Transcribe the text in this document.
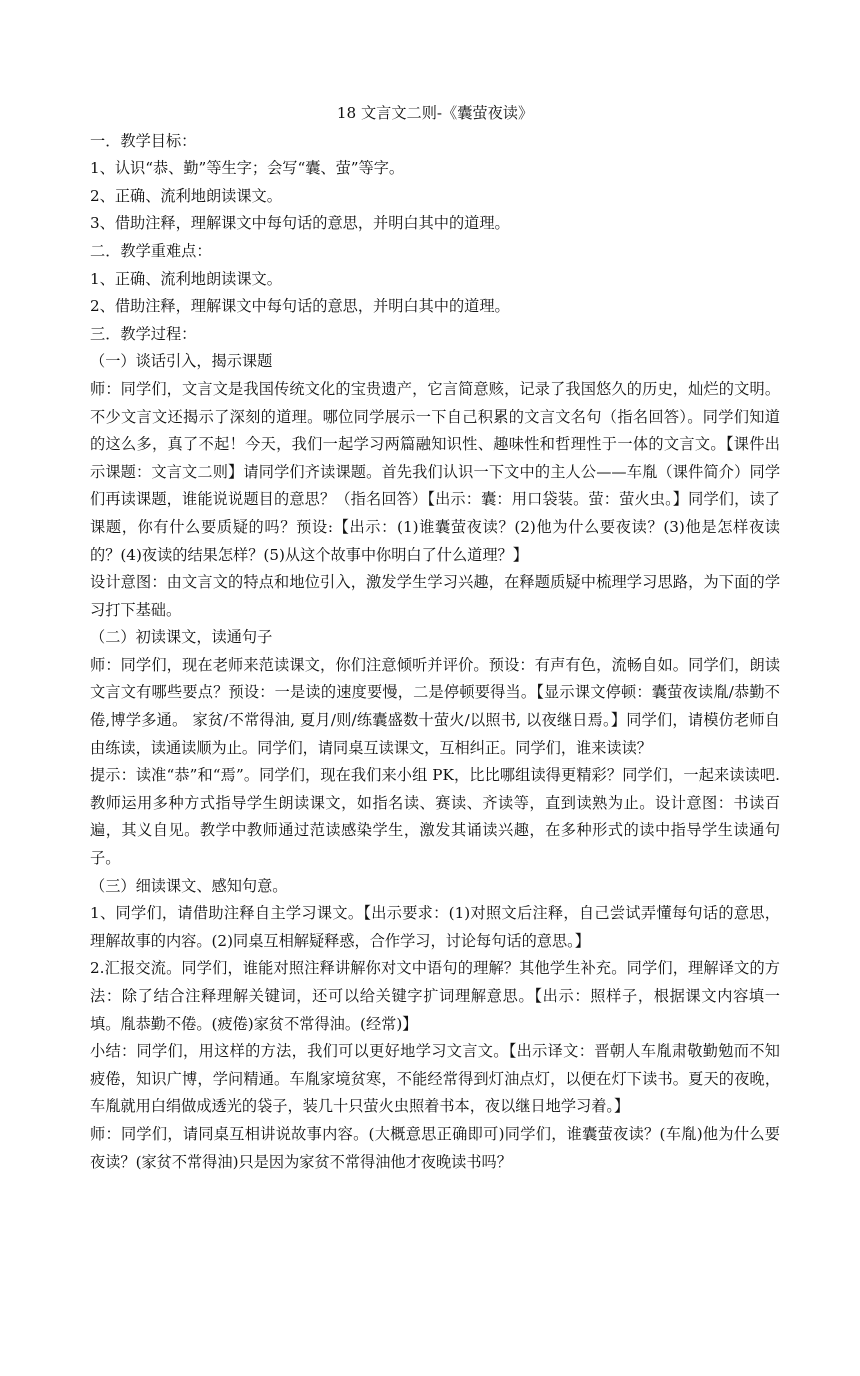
18 文言文二则-《囊萤夜读》

一．教学目标：

1、认识“恭、勤”等生字；会写“囊、萤”等字。

2、正确、流利地朗读课文。

3、借助注释，理解课文中每句话的意思，并明白其中的道理。

二．教学重难点：

1、正确、流利地朗读课文。

2、借助注释，理解课文中每句话的意思，并明白其中的道理。

三．教学过程：

（一）谈话引入，揭示课题

师：同学们，文言文是我国传统文化的宝贵遗产，它言简意赅，记录了我国悠久的历史，灿烂的文明。不少文言文还揭示了深刻的道理。哪位同学展示一下自己积累的文言文名句（指名回答）。同学们知道的这么多，真了不起！今天，我们一起学习两篇融知识性、趣味性和哲理性于一体的文言文。【课件出示课题：文言文二则】请同学们齐读课题。首先我们认识一下文中的主人公——车胤（课件简介）同学们再读课题，谁能说说题目的意思？（指名回答）【出示：囊：用口袋装。萤：萤火虫。】同学们，读了课题，你有什么要质疑的吗？预设:【出示：(1)谁囊萤夜读？(2)他为什么要夜读？(3)他是怎样夜读的？(4)夜读的结果怎样？(5)从这个故事中你明白了什么道理？】

设计意图：由文言文的特点和地位引入，激发学生学习兴趣，在释题质疑中梳理学习思路，为下面的学习打下基础。

（二）初读课文，读通句子

师：同学们，现在老师来范读课文，你们注意倾听并评价。预设：有声有色，流畅自如。同学们，朗读文言文有哪些要点？预设：一是读的速度要慢，二是停顿要得当。【显示课文停顿：囊萤夜读胤/恭勤不倦,博学多通。 家贫/不常得油, 夏月/则/练囊盛数十萤火/以照书, 以夜继日焉。】同学们，请模仿老师自由练读，读通读顺为止。同学们，请同桌互读课文，互相纠正。同学们，谁来读读？

提示：读准“恭”和“焉”。同学们，现在我们来小组 PK，比比哪组读得更精彩？同学们，一起来读读吧.教师运用多种方式指导学生朗读课文，如指名读、赛读、齐读等，直到读熟为止。设计意图：书读百遍，其义自见。教学中教师通过范读感染学生，激发其诵读兴趣，在多种形式的读中指导学生读通句子。

（三）细读课文、感知句意。

1、同学们，请借助注释自主学习课文。【出示要求：(1)对照文后注释，自己尝试弄懂每句话的意思，理解故事的内容。(2)同桌互相解疑释惑，合作学习，讨论每句话的意思。】

2.汇报交流。同学们，谁能对照注释讲解你对文中语句的理解？其他学生补充。同学们，理解译文的方法：除了结合注释理解关键词，还可以给关键字扩词理解意思。【出示：照样子，根据课文内容填一填。胤恭勤不倦。(疲倦)家贫不常得油。(经常)】

小结：同学们，用这样的方法，我们可以更好地学习文言文。【出示译文：晋朝人车胤肃敬勤勉而不知疲倦，知识广博，学问精通。车胤家境贫寒，不能经常得到灯油点灯，以便在灯下读书。夏天的夜晚，车胤就用白绢做成透光的袋子，装几十只萤火虫照着书本，夜以继日地学习着。】

师：同学们，请同桌互相讲说故事内容。(大概意思正确即可)同学们，谁囊萤夜读？(车胤)他为什么要夜读？(家贫不常得油)只是因为家贫不常得油他才夜晚读书吗？
